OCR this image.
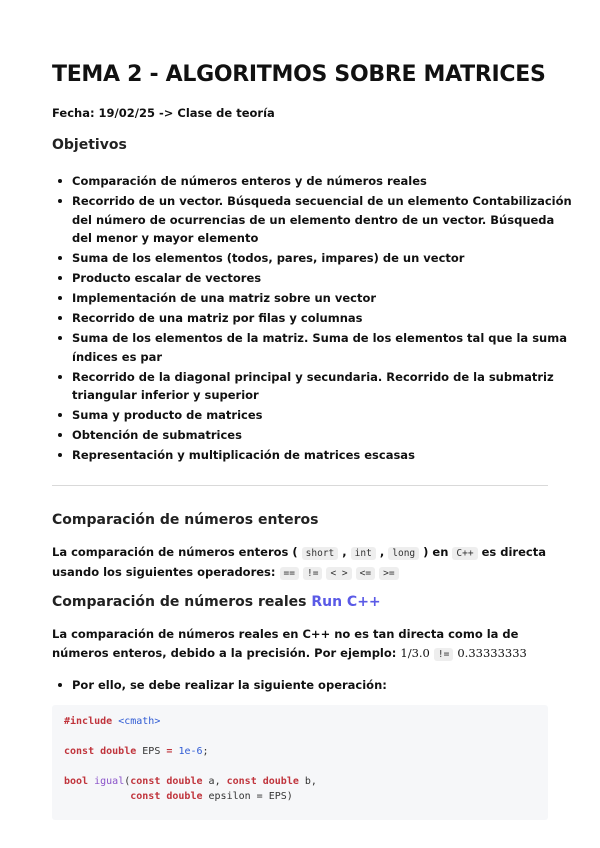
TEMA 2 - ALGORITMOS SOBRE MATRICES
Fecha: 19/02/25 -> Clase de teoría
Objetivos
Comparación de números enteros y de números reales
Recorrido de un vector. Búsqueda secuencial de un elemento Contabilización del número de ocurrencias de un elemento dentro de un vector. Búsqueda del menor y mayor elemento
Suma de los elementos (todos, pares, impares) de un vector
Producto escalar de vectores
Implementación de una matriz sobre un vector
Recorrido de una matriz por filas y columnas
Suma de los elementos de la matriz. Suma de los elementos tal que la suma índices es par
Recorrido de la diagonal principal y secundaria. Recorrido de la submatriz triangular inferior y superior
Suma y producto de matrices
Obtención de submatrices
Representación y multiplicación de matrices escasas
Comparación de números enteros
La comparación de números enteros ( short , int , long ) en C++ es directa usando los siguientes operadores: == != < > <= >=
Comparación de números reales Run C++
La comparación de números reales en C++ no es tan directa como la de números enteros, debido a la precisión. Por ejemplo: 1/3.0 != 0.33333333
Por ello, se debe realizar la siguiente operación:
#include <cmath>

const double EPS = 1e-6;

bool igual(const double a, const double b,
const double epsilon = EPS)
